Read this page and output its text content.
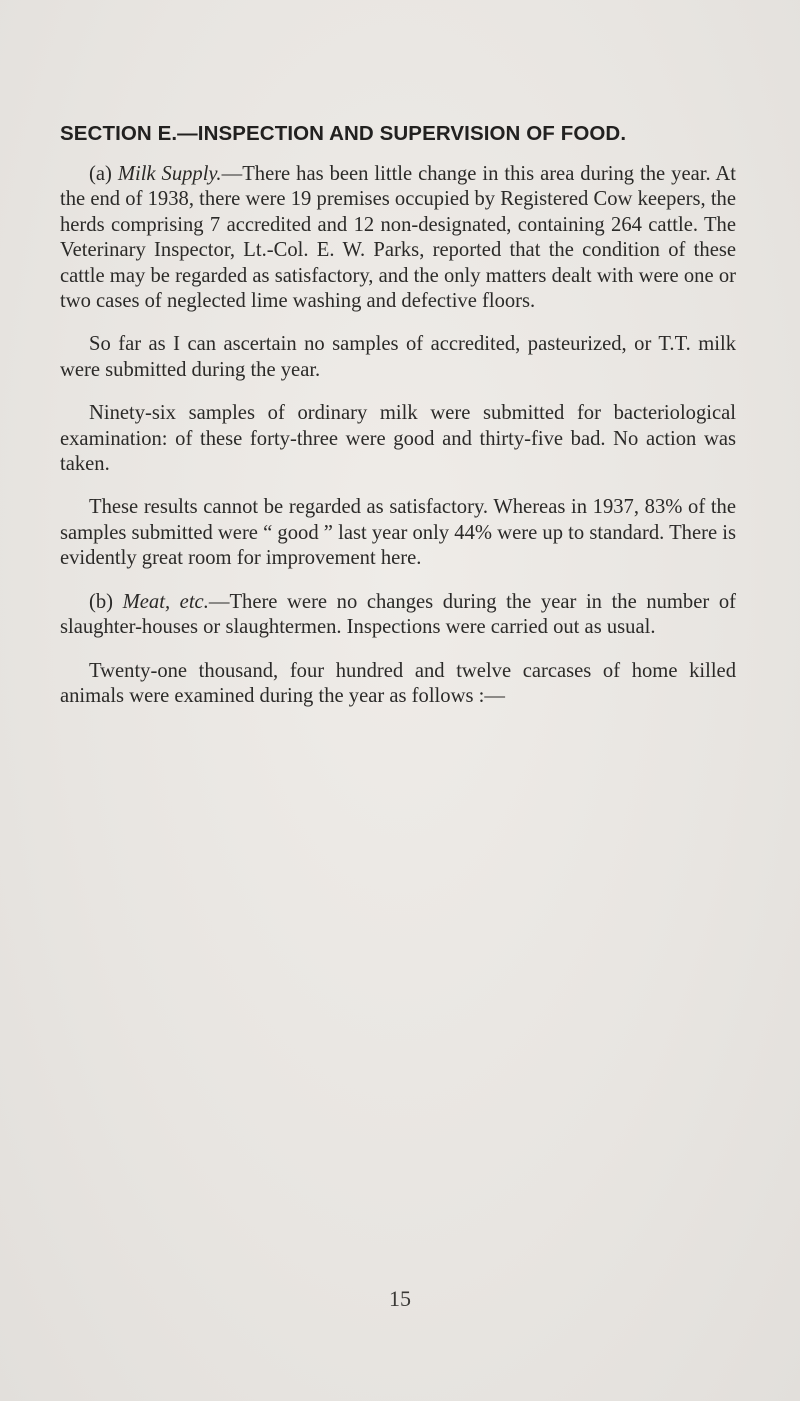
SECTION E.—INSPECTION AND SUPERVISION OF FOOD.

(a) Milk Supply.—There has been little change in this area during the year. At the end of 1938, there were 19 premises occupied by Registered Cow keepers, the herds comprising 7 accredited and 12 non-designated, containing 264 cattle. The Veterinary Inspector, Lt.-Col. E. W. Parks, reported that the condition of these cattle may be regarded as satisfactory, and the only matters dealt with were one or two cases of neglected lime washing and defective floors.

So far as I can ascertain no samples of accredited, pasteurized, or T.T. milk were submitted during the year.

Ninety-six samples of ordinary milk were submitted for bacteriological examination: of these forty-three were good and thirty-five bad. No action was taken.

These results cannot be regarded as satisfactory. Whereas in 1937, 83% of the samples submitted were “ good ” last year only 44% were up to standard. There is evidently great room for improvement here.

(b) Meat, etc.—There were no changes during the year in the number of slaughter-houses or slaughtermen. Inspections were carried out as usual.

Twenty-one thousand, four hundred and twelve carcases of home killed animals were examined during the year as follows :—

15
